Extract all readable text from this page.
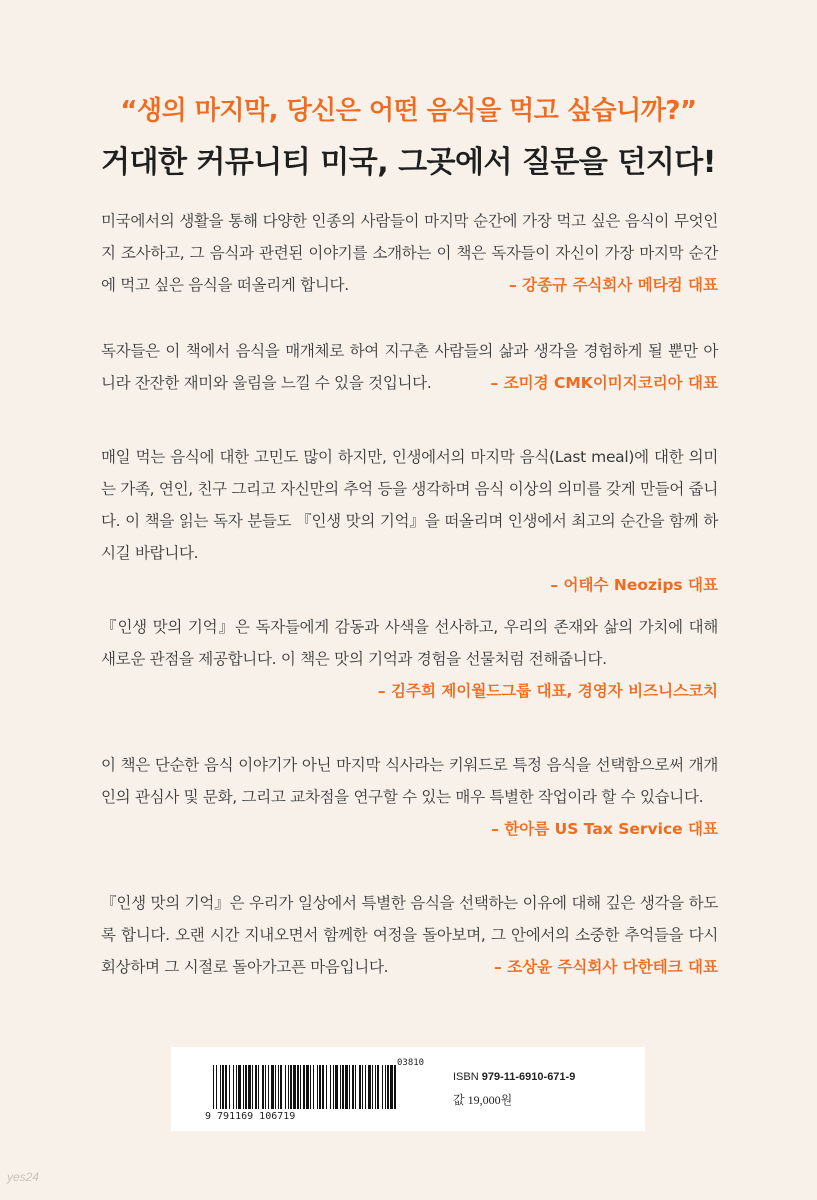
“생의 마지막, 당신은 어떤 음식을 먹고 싶습니까?”
거대한 커뮤니티 미국, 그곳에서 질문을 던지다!

미국에서의 생활을 통해 다양한 인종의 사람들이 마지막 순간에 가장 먹고 싶은 음식이 무엇인지 조사하고, 그 음식과 관련된 이야기를 소개하는 이 책은 독자들이 자신이 가장 마지막 순간에 먹고 싶은 음식을 떠올리게 합니다.	– 강종규 주식회사 메타컴 대표

독자들은 이 책에서 음식을 매개체로 하여 지구촌 사람들의 삶과 생각을 경험하게 될 뿐만 아니라 잔잔한 재미와 울림을 느낄 수 있을 것입니다.	– 조미경 CMK이미지코리아 대표

매일 먹는 음식에 대한 고민도 많이 하지만, 인생에서의 마지막 음식(Last meal)에 대한 의미는 가족, 연인, 친구 그리고 자신만의 추억 등을 생각하며 음식 이상의 의미를 갖게 만들어 줍니다. 이 책을 읽는 독자 분들도 『인생 맛의 기억』을 떠올리며 인생에서 최고의 순간을 함께 하시길 바랍니다.

– 어태수 Neozips 대표

『인생 맛의 기억』은 독자들에게 감동과 사색을 선사하고, 우리의 존재와 삶의 가치에 대해 새로운 관점을 제공합니다. 이 책은 맛의 기억과 경험을 선물처럼 전해줍니다.

– 김주희 제이월드그룹 대표, 경영자 비즈니스코치

이 책은 단순한 음식 이야기가 아닌 마지막 식사라는 키워드로 특정 음식을 선택함으로써 개개인의 관심사 및 문화, 그리고 교차점을 연구할 수 있는 매우 특별한 작업이라 할 수 있습니다.

– 한아름 US Tax Service 대표

『인생 맛의 기억』은 우리가 일상에서 특별한 음식을 선택하는 이유에 대해 깊은 생각을 하도록 합니다. 오랜 시간 지내오면서 함께한 여정을 돌아보며, 그 안에서의 소중한 추억들을 다시 회상하며 그 시절로 돌아가고픈 마음입니다.	– 조상윤 주식회사 다한테크 대표
9 791169 106719
03810
ISBN 979-11-6910-671-9
값 19,000원
yes24
